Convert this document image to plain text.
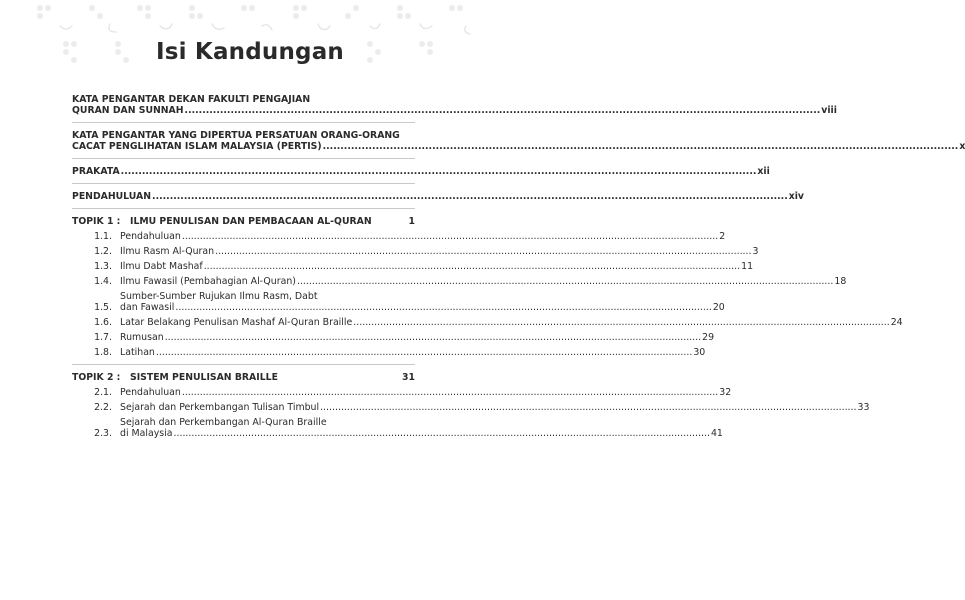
Isi Kandungan
KATA PENGANTAR DEKAN FAKULTI PENGAJIAN
QURAN DAN SUNNAH .....	viii
KATA PENGANTAR YANG DIPERTUA PERSATUAN ORANG-ORANG
CACAT PENGLIHATAN ISLAM MALAYSIA (PERTIS) .....	x
PRAKATA .....	xii
PENDAHULUAN .....	xiv
TOPIK 1 :	ILMU PENULISAN DAN PEMBACAAN AL-QURAN	1
1.1. Pendahuluan .....	2
1.2. Ilmu Rasm Al-Quran .....	3
1.3. Ilmu Dabt Mashaf .....	11
1.4. Ilmu Fawasil (Pembahagian Al-Quran) .....	18
1.5.
Sumber-Sumber Rujukan Ilmu Rasm, Dabt
dan Fawasil .....	20
1.6. Latar Belakang Penulisan Mashaf Al-Quran Braille .....	24
1.7. Rumusan .....	29
1.8. Latihan .....	30
TOPIK 2 :	SISTEM PENULISAN BRAILLE	31
2.1. Pendahuluan .....	32
2.2. Sejarah dan Perkembangan Tulisan Timbul .....	33
2.3.
Sejarah dan Perkembangan Al-Quran Braille
di Malaysia .....	41
